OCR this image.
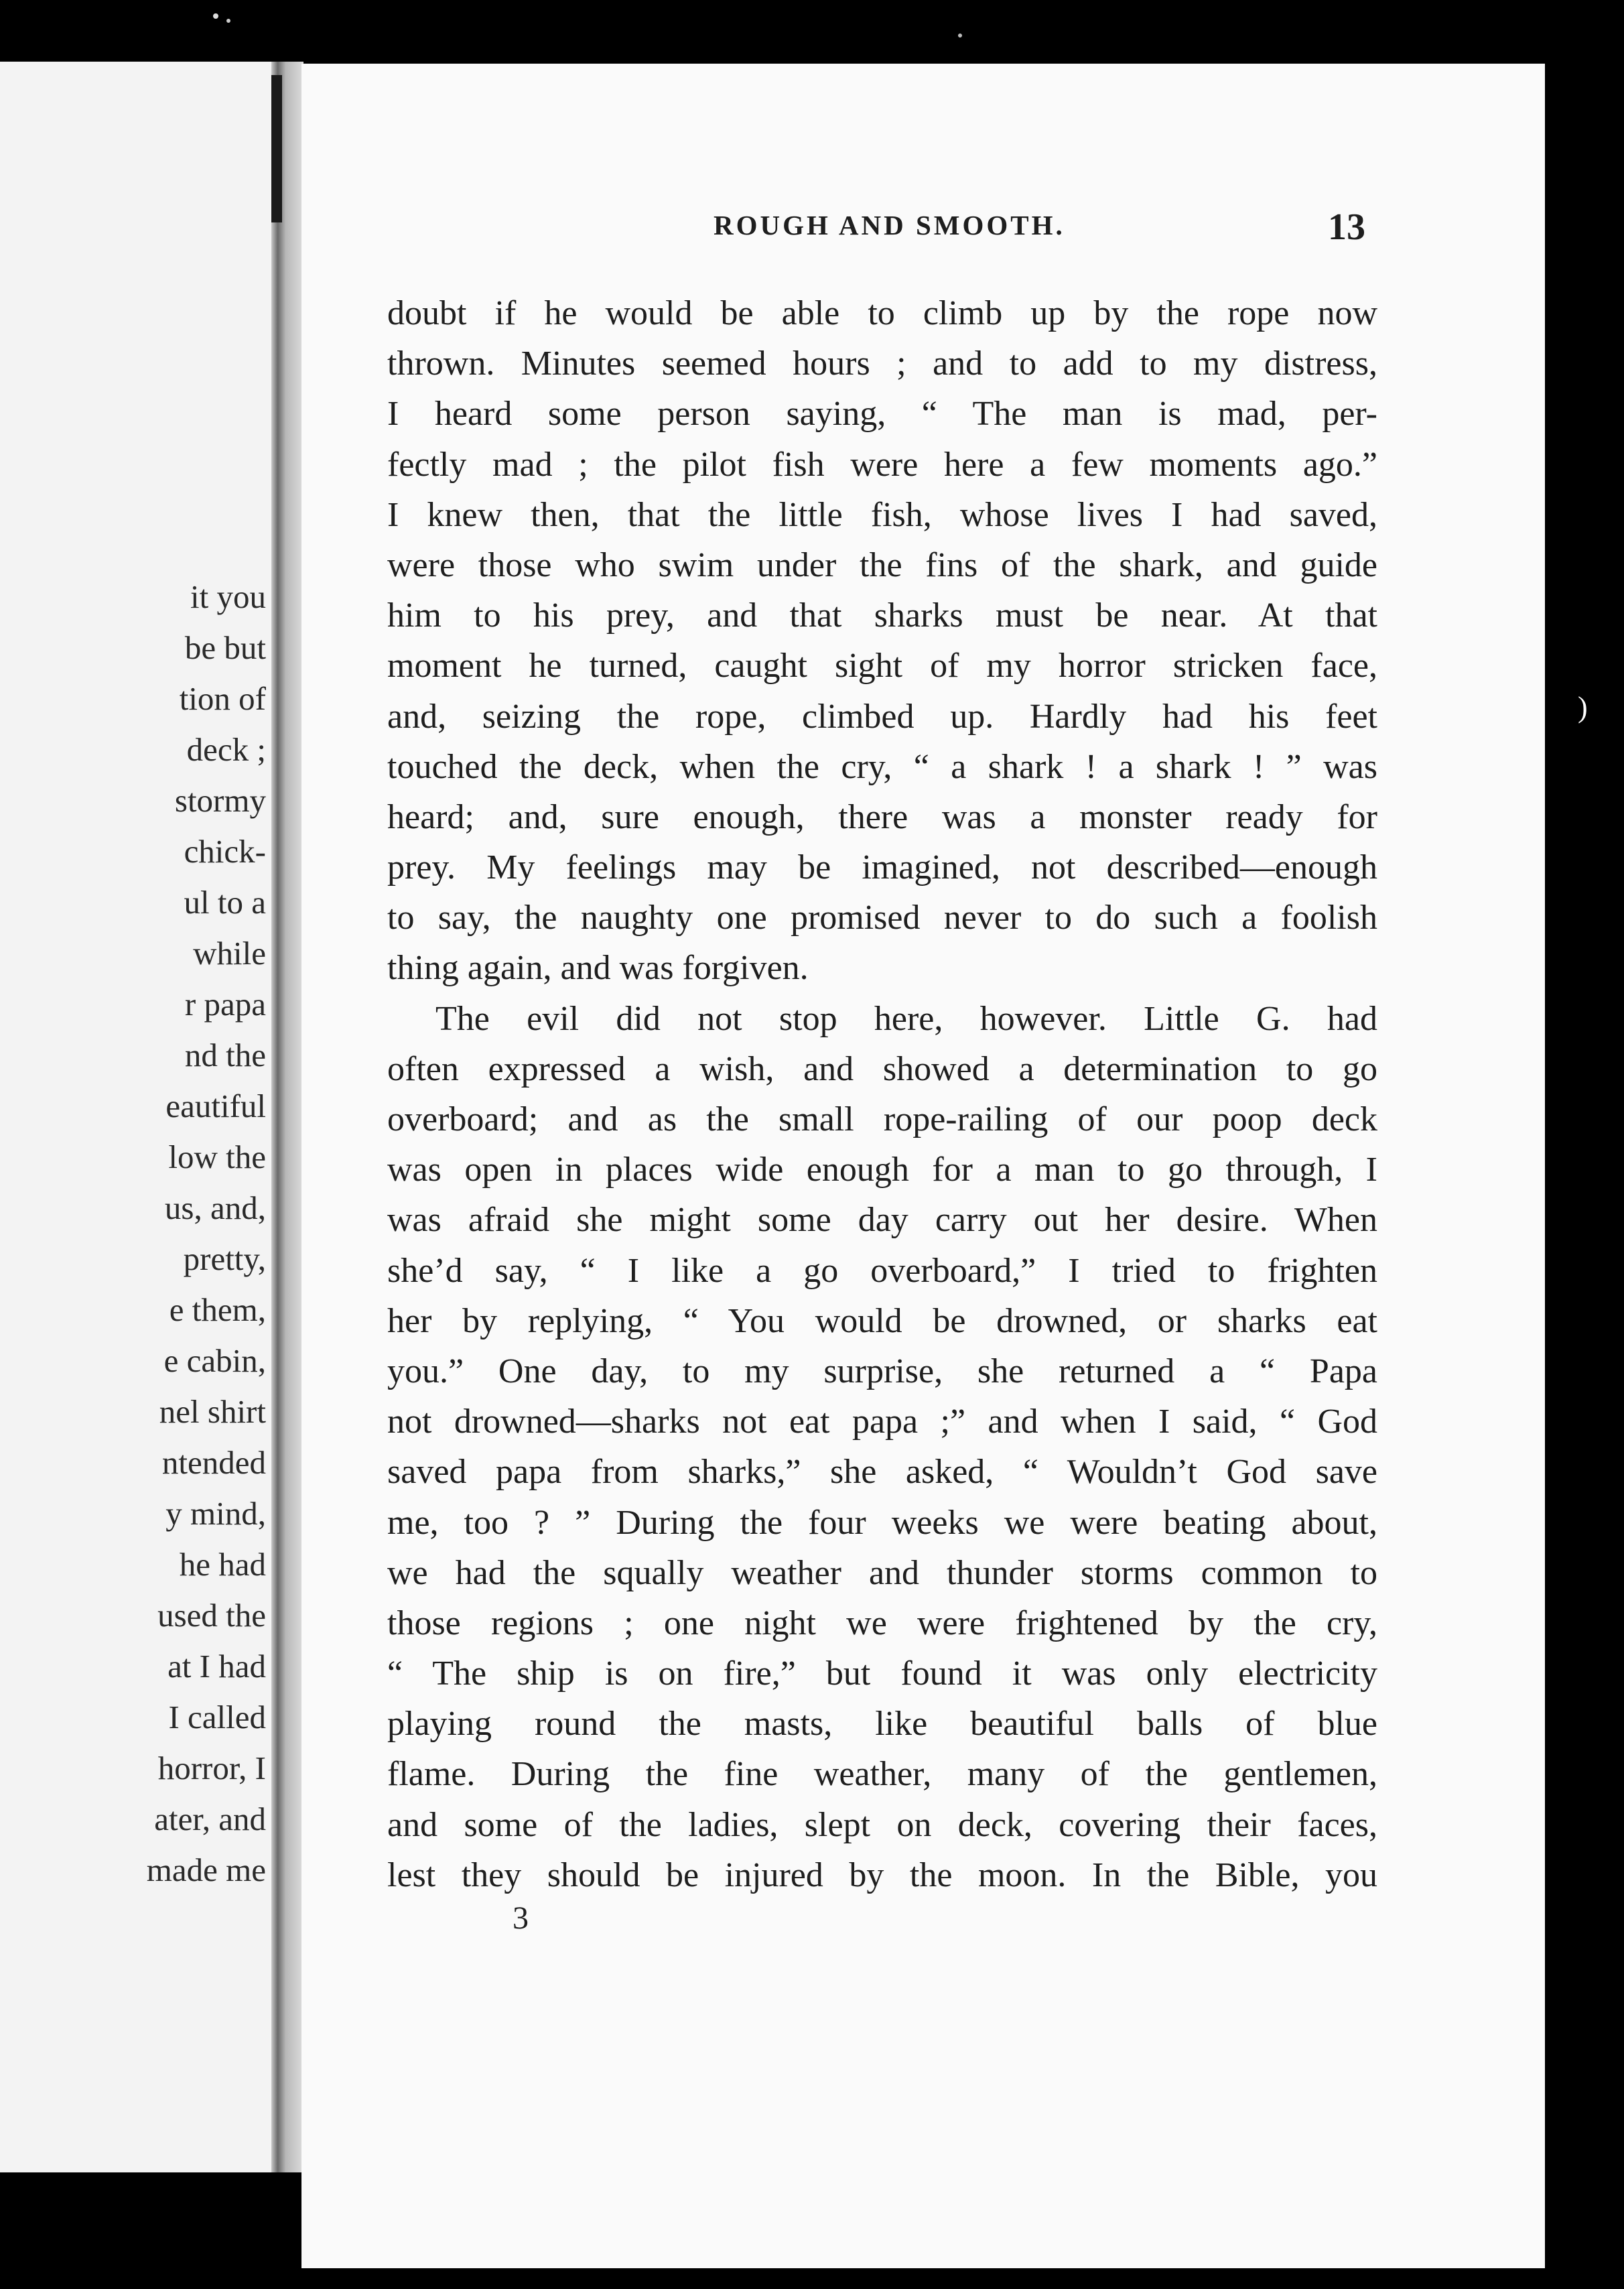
it you
be but
tion of
deck ;
stormy
chick-
ul to a
while
r papa
nd the
eautiful
low the
us, and,
pretty,
e them,
e cabin,
nel shirt
ntended
y mind,
he had
used the
at I had
I called
horror, I
ater, and
made me
ROUGH AND SMOOTH.	13
doubt if he would be able to climb up by the rope now
thrown. Minutes seemed hours ; and to add to my distress,
I heard some person saying, “ The man is mad, per-
fectly mad ; the pilot fish were here a few moments ago.”
I knew then, that the little fish, whose lives I had saved,
were those who swim under the fins of the shark, and guide
him to his prey, and that sharks must be near. At that
moment he turned, caught sight of my horror stricken face,
and, seizing the rope, climbed up. Hardly had his feet
touched the deck, when the cry, “ a shark ! a shark ! ” was
heard; and, sure enough, there was a monster ready for
prey. My feelings may be imagined, not described—enough
to say, the naughty one promised never to do such a foolish
thing again, and was forgiven.
The evil did not stop here, however. Little G. had
often expressed a wish, and showed a determination to go
overboard; and as the small rope-railing of our poop deck
was open in places wide enough for a man to go through, I
was afraid she might some day carry out her desire. When
she’d say, “ I like a go overboard,” I tried to frighten
her by replying, “ You would be drowned, or sharks eat
you.” One day, to my surprise, she returned a “ Papa
not drowned—sharks not eat papa ;” and when I said, “ God
saved papa from sharks,” she asked, “ Wouldn’t God save
me, too ? ” During the four weeks we were beating about,
we had the squally weather and thunder storms common to
those regions ; one night we were frightened by the cry,
“ The ship is on fire,” but found it was only electricity
playing round the masts, like beautiful balls of blue
flame. During the fine weather, many of the gentlemen,
and some of the ladies, slept on deck, covering their faces,
lest they should be injured by the moon. In the Bible, you
3
)
